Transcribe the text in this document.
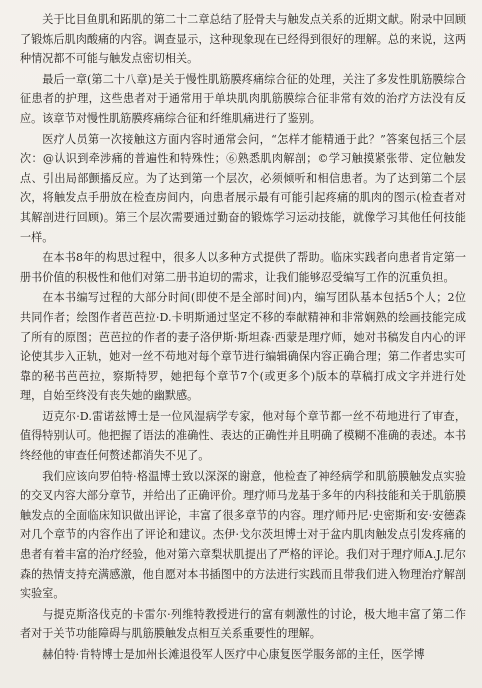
关于比目鱼肌和跖肌的第二十二章总结了胫骨夫与触发点关系的近期文献。附录中回顾了锻炼后肌肉酸痛的内容。调查显示，这种现象现在已经得到很好的理解。总的来说，这两种情况都不可能与触发点密切相关。

最后一章(第二十八章)是关于慢性肌筋膜疼痛综合征的处理，关注了多发性肌筋膜综合征患者的护理，这些患者对于通常用于单块肌肉肌筋膜综合征非常有效的治疗方法没有反应。该章节对慢性肌筋膜疼痛综合征和纤维肌痛进行了鉴别。

医疗人员第一次接触这方面内容时通常会问，“怎样才能精通于此？”答案包括三个层次：@认识到牵涉痛的普遍性和特殊性；⑥熟悉肌肉解剖；©学习触摸紧张带、定位触发点、引出局部颤搐反应。为了达到第一个层次，必须倾听和相信患者。为了达到第二个层次，将触发点手册放在检查房间内，向患者展示最有可能引起疼痛的肌肉的图示(检查者对其解剖进行回顾)。第三个层次需要通过勤奋的锻炼学习运动技能，就像学习其他任何技能一样。

在本书8年的构思过程中，很多人以多种方式提供了帮助。临床实践者向患者肯定第一册书价值的积极性和他们对第二册书迫切的需求，让我们能够忍受编写工作的沉重负担。

在本书编写过程的大部分时间(即使不是全部时间)内，编写团队基本包括5个人；2位共同作者；绘图作者芭芭拉·D.卡明斯通过坚定不移的奉献精神和非常娴熟的绘画技能完成了所有的原图；芭芭拉的作者的妻子洛伊斯·斯坦森·西蒙是理疗师，她对书稿发自内心的评论使其步入正轨，她对一丝不苟地对每个章节进行编辑确保内容正确合理；第二作者忠实可靠的秘书芭芭拉，察斯特罗，她把每个章节7个(或更多个)版本的草稿打成文字并进行处理，自始至终没有丧失她的幽默感。

迈克尔·D.雷诺兹博士是一位风湿病学专家，他对每个章节都一丝不苟地进行了审查，值得特别认可。他把握了语法的准确性、表达的正确性并且明确了模糊不准确的表述。本书终经他的审查任何赘述都消失不见了。

我们应该向罗伯特·格温博士致以深深的谢意，他检查了神经病学和肌筋膜触发点实验的交叉内容大部分章节，并给出了正确评价。理疗师马龙基于多年的内科技能和关于肌筋膜触发点的全面临床知识做出评论，丰富了很多章节的内容。理疗师丹尼·史密斯和安·安德森对几个章节的内容作出了评论和建议。杰伊·戈尔茨坦博士对于盆内肌肉触发点引发疼痛的患者有着丰富的治疗经验，他对第六章梨状肌提出了严格的评论。我们对于理疗师A.J.尼尔森的热情支持充满感激，他自愿对本书插图中的方法进行实践而且带我们进入物理治疗解剖实验室。

与提克斯洛伐克的卡雷尔·列维特教授进行的富有刺激性的讨论，极大地丰富了第二作者对于关节功能障碍与肌筋膜触发点相互关系重要性的理解。

赫伯特·肯特博士是加州长滩退役军人医疗中心康复医学服务部的主任，医学博
